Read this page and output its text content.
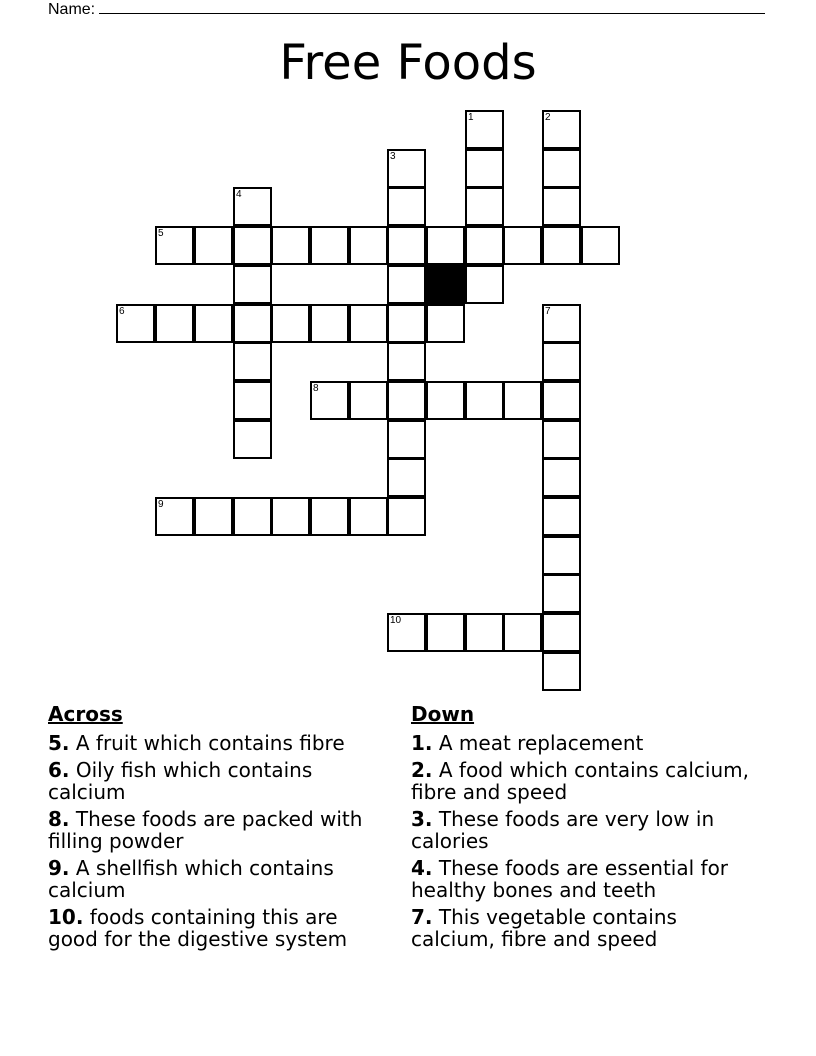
Name:
Free Foods
1	2
3
4
5
6	7
8
9
10
Across
5. A fruit which contains fibre
6. Oily fish which contains calcium
8. These foods are packed with filling powder
9. A shellfish which contains calcium
10. foods containing this are good for the digestive system
Down
1. A meat replacement
2. A food which contains calcium, fibre and speed
3. These foods are very low in calories
4. These foods are essential for healthy bones and teeth
7. This vegetable contains calcium, fibre and speed
